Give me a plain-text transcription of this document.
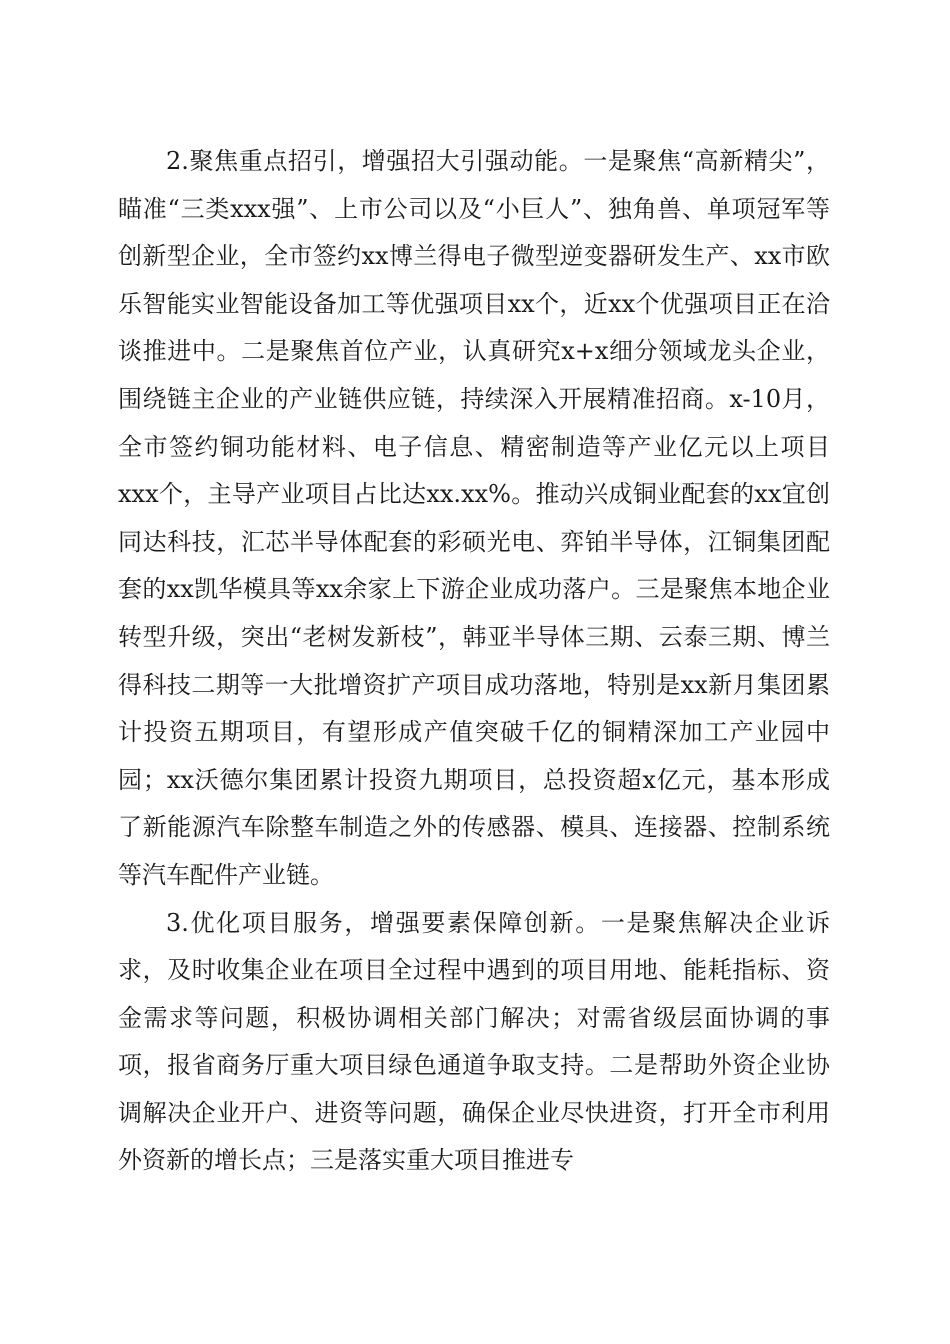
2.聚焦重点招引，增强招大引强动能。一是聚焦“高新精尖”，瞄准“三类xxx强”、上市公司以及“小巨人”、独角兽、单项冠军等创新型企业，全市签约xx博兰得电子微型逆变器研发生产、xx市欧乐智能实业智能设备加工等优强项目xx个，近xx个优强项目正在洽谈推进中。二是聚焦首位产业，认真研究x+x细分领域龙头企业，围绕链主企业的产业链供应链，持续深入开展精准招商。x-10月，全市签约铜功能材料、电子信息、精密制造等产业亿元以上项目xxx个，主导产业项目占比达xx.xx%。推动兴成铜业配套的xx宜创同达科技，汇芯半导体配套的彩硕光电、弈铂半导体，江铜集团配套的xx凯华模具等xx余家上下游企业成功落户。三是聚焦本地企业转型升级，突出“老树发新枝”，韩亚半导体三期、云泰三期、博兰得科技二期等一大批增资扩产项目成功落地，特别是xx新月集团累计投资五期项目，有望形成产值突破千亿的铜精深加工产业园中园；xx沃德尔集团累计投资九期项目，总投资超x亿元，基本形成了新能源汽车除整车制造之外的传感器、模具、连接器、控制系统等汽车配件产业链。

3.优化项目服务，增强要素保障创新。一是聚焦解决企业诉求，及时收集企业在项目全过程中遇到的项目用地、能耗指标、资金需求等问题，积极协调相关部门解决；对需省级层面协调的事项，报省商务厅重大项目绿色通道争取支持。二是帮助外资企业协调解决企业开户、进资等问题，确保企业尽快进资，打开全市利用外资新的增长点；三是落实重大项目推进专
